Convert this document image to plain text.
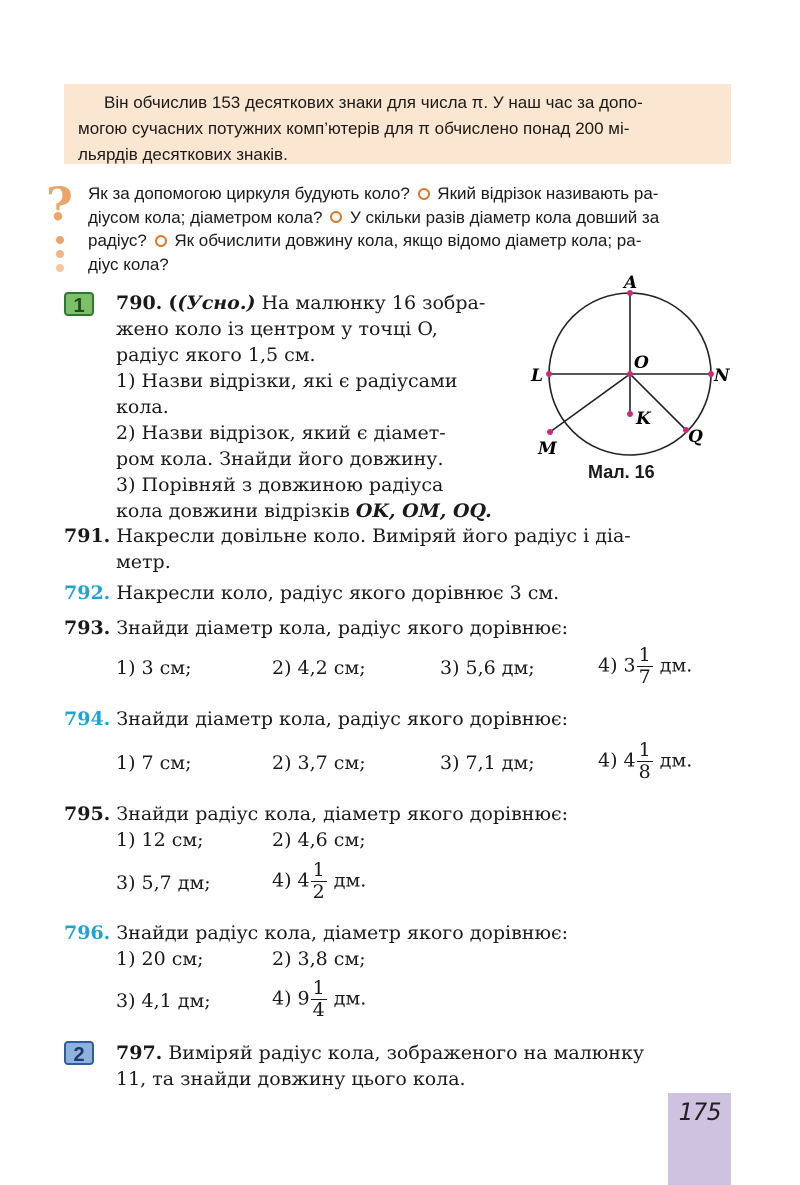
Він обчислив 153 десяткових знаки для числа π. У наш час за допо-
могою сучасних потужних комп’ютерів для π обчислено понад 200 мі-
льярдів десяткових знаків.
? Як за допомогою циркуля будують коло? Який відрізок називають ра-
діусом кола; діаметром кола? У скільки разів діаметр кола довший за
радіус? Як обчислити довжину кола, якщо відомо діаметр кола; ра-
діус кола?
1	790. ((Усно.) На малюнку 16 зобра-
жено коло із центром у точці O,
радіус якого 1,5 см.
1) Назви відрізки, які є радіусами
кола.
2) Назви відрізок, який є діамет-
ром кола. Знайди його довжину.
3) Порівняй з довжиною радіуса
кола довжини відрізків OK, OM, OQ.
A
O
L	N
K
M
Q
Мал. 16
791. Накресли довільне коло. Виміряй його радіус і діа-
метр.
792. Накресли коло, радіус якого дорівнює 3 см.
793. Знайди діаметр кола, радіус якого дорівнює:
1) 3 см;	2) 4,2 см;	3) 5,6 дм;	4) $3 \frac{1}{7}$ дм.
794. Знайди діаметр кола, радіус якого дорівнює:
1) 7 см;	2) 3,7 см;	3) 7,1 дм;	4) $4 \frac{1}{8}$ дм.
795. Знайди радіус кола, діаметр якого дорівнює:
1) 12 см;	2) 4,6 см;
3) 5,7 дм;	4) $4 \frac{1}{2}$ дм.
796. Знайди радіус кола, діаметр якого дорівнює:
1) 20 см;	2) 3,8 см;
3) 4,1 дм;	4) $9 \frac{1}{4}$ дм.
2	797. Виміряй радіус кола, зображеного на малюнку
11, та знайди довжину цього кола.
175
